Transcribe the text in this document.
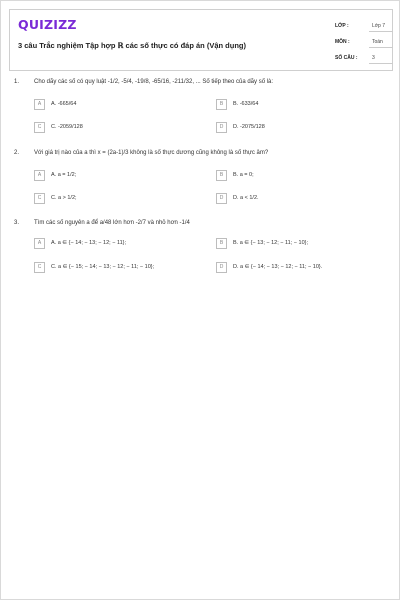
QUIZIZZ
3 câu Trắc nghiệm Tập hợp ℝ các số thực có đáp án (Vận dụng)
LỚP :	Lớp 7
MÔN :	Toán
SỐ CÂU :	3
1. Cho dãy các số có quy luật -1/2, -5/4, -19/8, -65/16, -211/32, ... Số tiếp theo của dãy số là:
A	A. -665/64	B	B. -633/64
C	C. -2059/128	D	D. -2075/128
2. Với giá trị nào của a thì x = (2a-1)/3 không là số thực dương cũng không là số thực âm?
A	A. a = 1/2;	B	B. a = 0;
C	C. a > 1/2;	D	D. a < 1/2.
3. Tìm các số nguyên a để a/48 lớn hơn -2/7 và nhỏ hơn -1/4
A	A. a ∈ {− 14; − 13; − 12; − 11};	B	B. a ∈ {− 13; − 12; − 11; − 10};
C	C. a ∈ {− 15; − 14; − 13; − 12; − 11; − 10};	D	D. a ∈ {− 14; − 13; − 12; − 11; − 10}.
